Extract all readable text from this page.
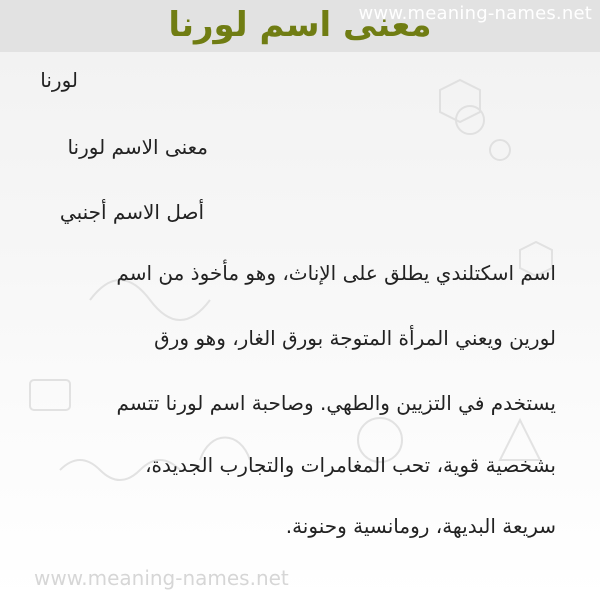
معنى اسم لورنا
www.meaning-names.net
لورنا
معنى الاسم لورنا
أصل الاسم أجنبي
اسم اسكتلندي يطلق على الإناث، وهو مأخوذ من اسم
لورين ويعني المرأة المتوجة بورق الغار، وهو ورق
يستخدم في التزيين والطهي. وصاحبة اسم لورنا تتسم
بشخصية قوية، تحب المغامرات والتجارب الجديدة،
سريعة البديهة، رومانسية وحنونة.
www.meaning-names.net
